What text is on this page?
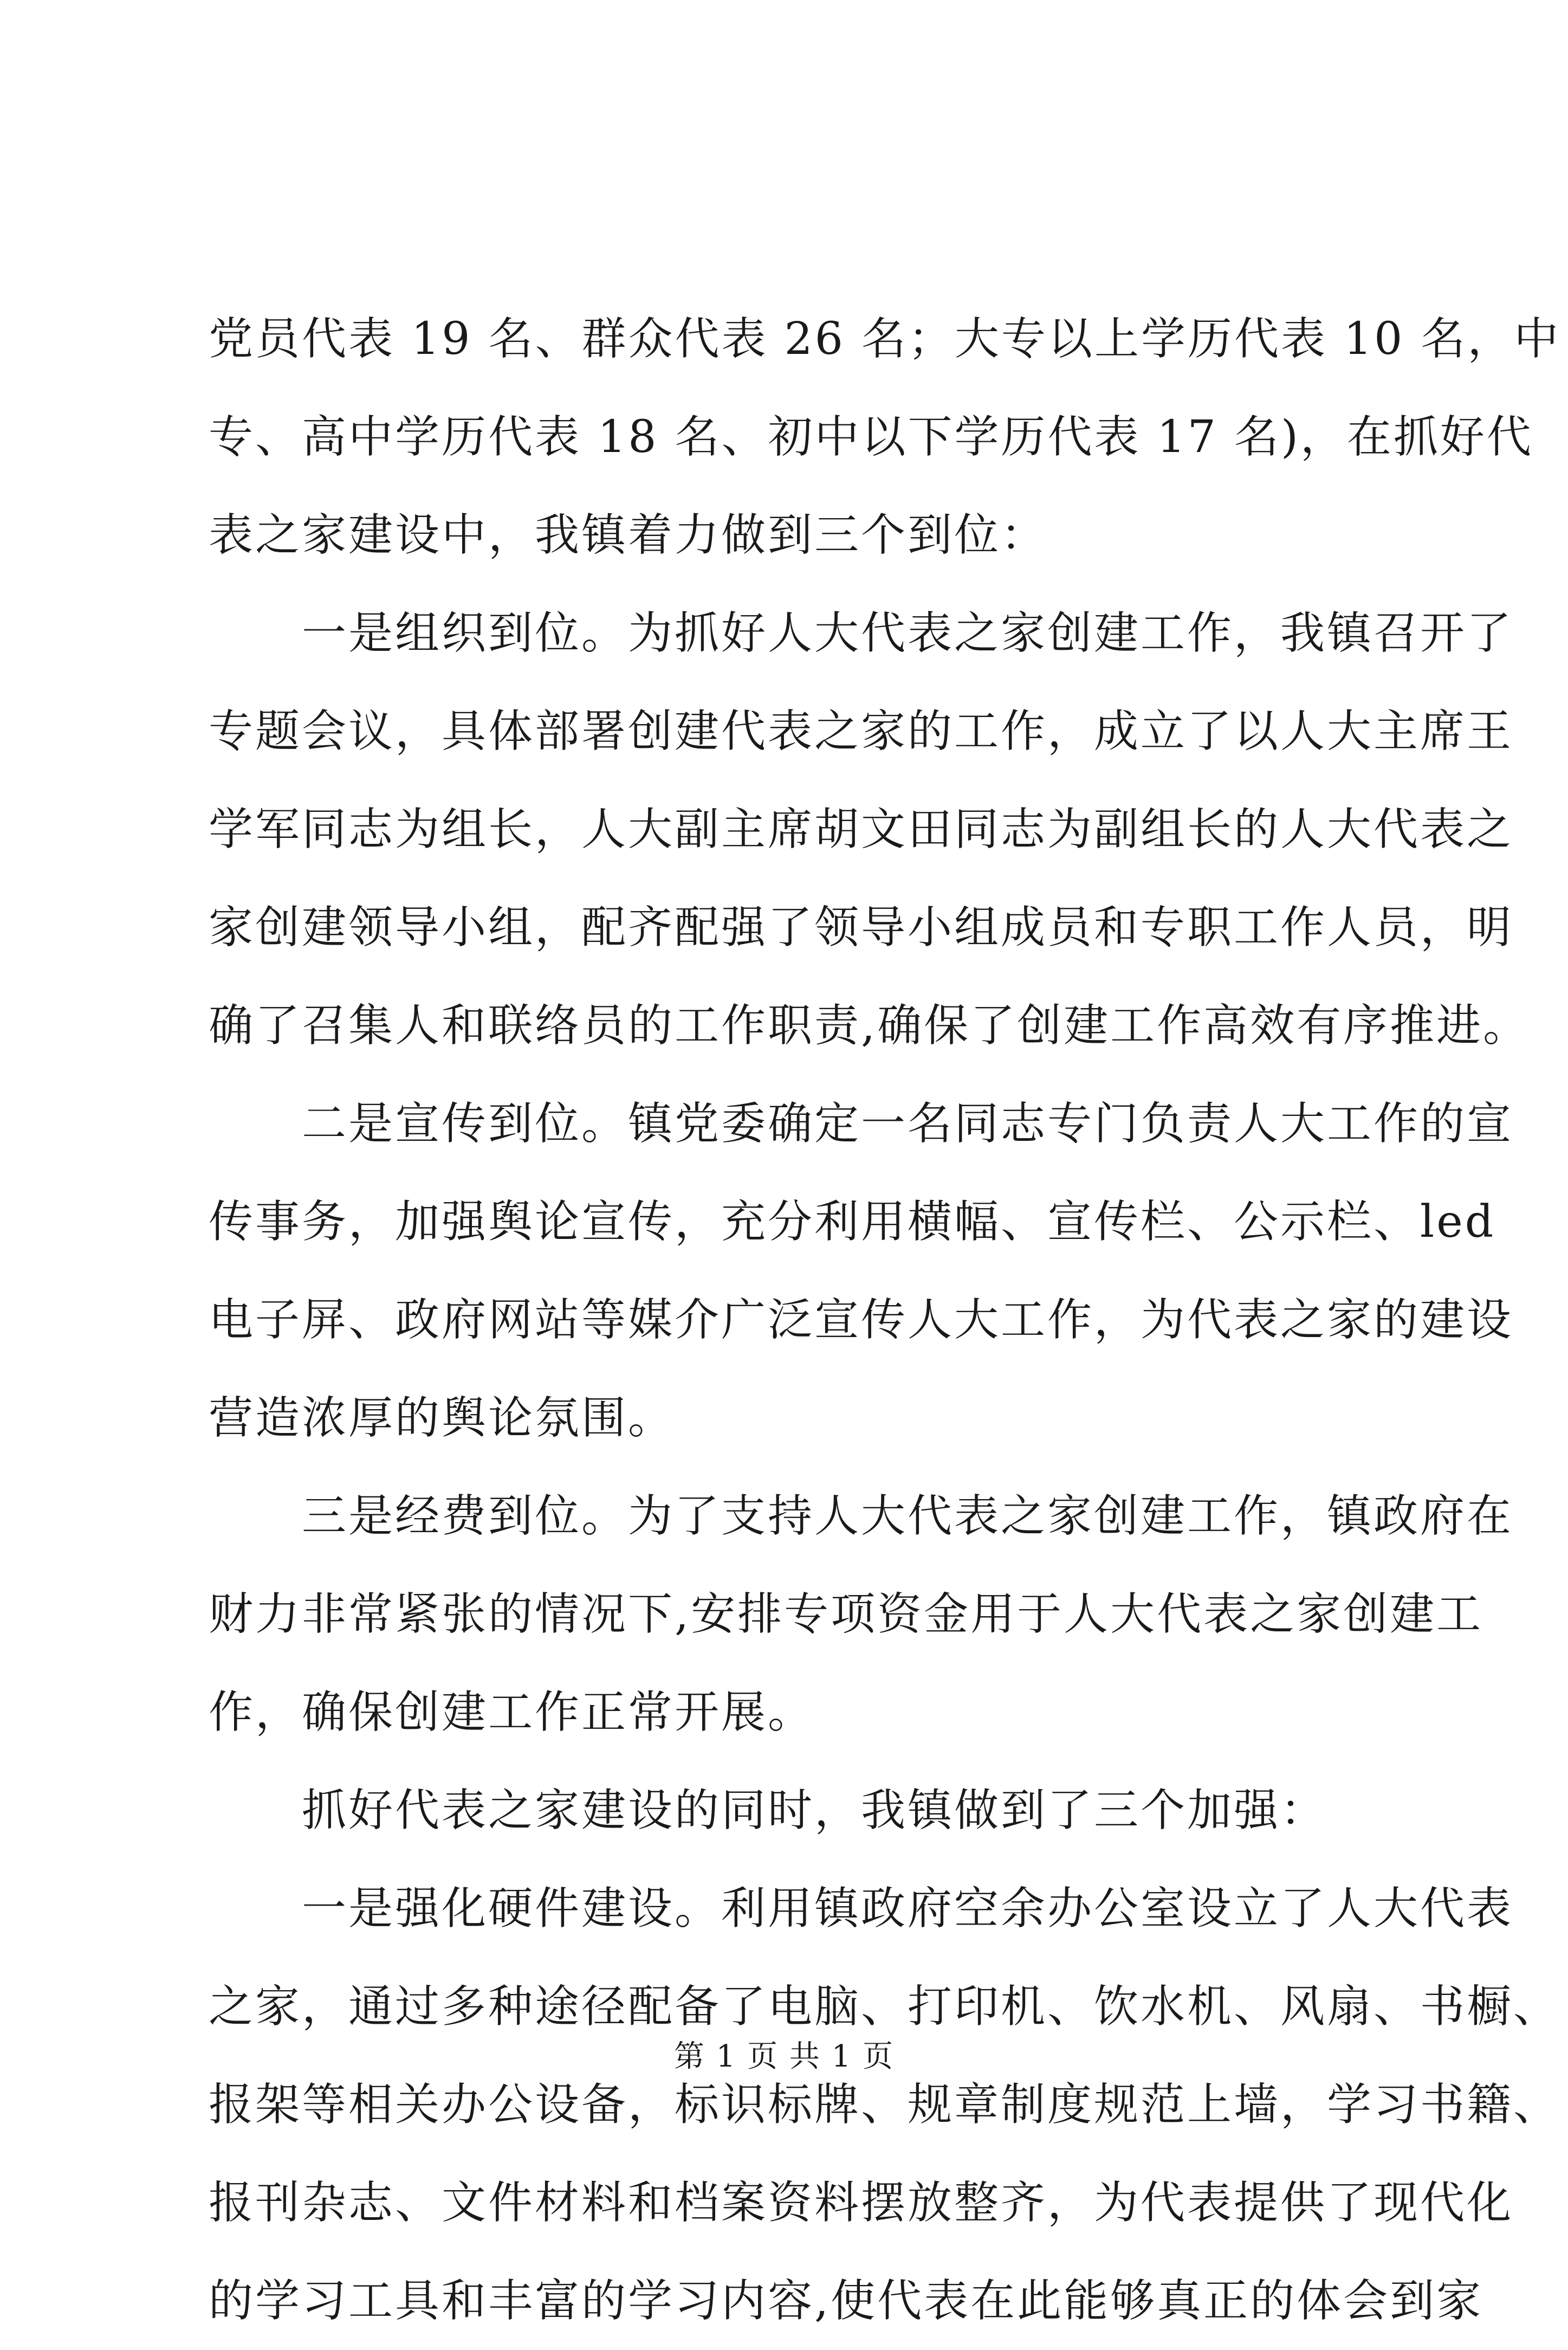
党员代表 19 名、群众代表 26 名；大专以上学历代表 10 名，中
专、高中学历代表 18 名、初中以下学历代表 17 名)，在抓好代
表之家建设中，我镇着力做到三个到位：
一是组织到位。为抓好人大代表之家创建工作，我镇召开了
专题会议，具体部署创建代表之家的工作，成立了以人大主席王
学军同志为组长，人大副主席胡文田同志为副组长的人大代表之
家创建领导小组，配齐配强了领导小组成员和专职工作人员，明
确了召集人和联络员的工作职责,确保了创建工作高效有序推进。
二是宣传到位。镇党委确定一名同志专门负责人大工作的宣
传事务，加强舆论宣传，充分利用横幅、宣传栏、公示栏、led
电子屏、政府网站等媒介广泛宣传人大工作，为代表之家的建设
营造浓厚的舆论氛围。
三是经费到位。为了支持人大代表之家创建工作，镇政府在
财力非常紧张的情况下,安排专项资金用于人大代表之家创建工
作，确保创建工作正常开展。
抓好代表之家建设的同时，我镇做到了三个加强：
一是强化硬件建设。利用镇政府空余办公室设立了人大代表
之家，通过多种途径配备了电脑、打印机、饮水机、风扇、书橱、
报架等相关办公设备，标识标牌、规章制度规范上墙，学习书籍、
报刊杂志、文件材料和档案资料摆放整齐，为代表提供了现代化
的学习工具和丰富的学习内容,使代表在此能够真正的体会到家
第 1 页 共 1 页
